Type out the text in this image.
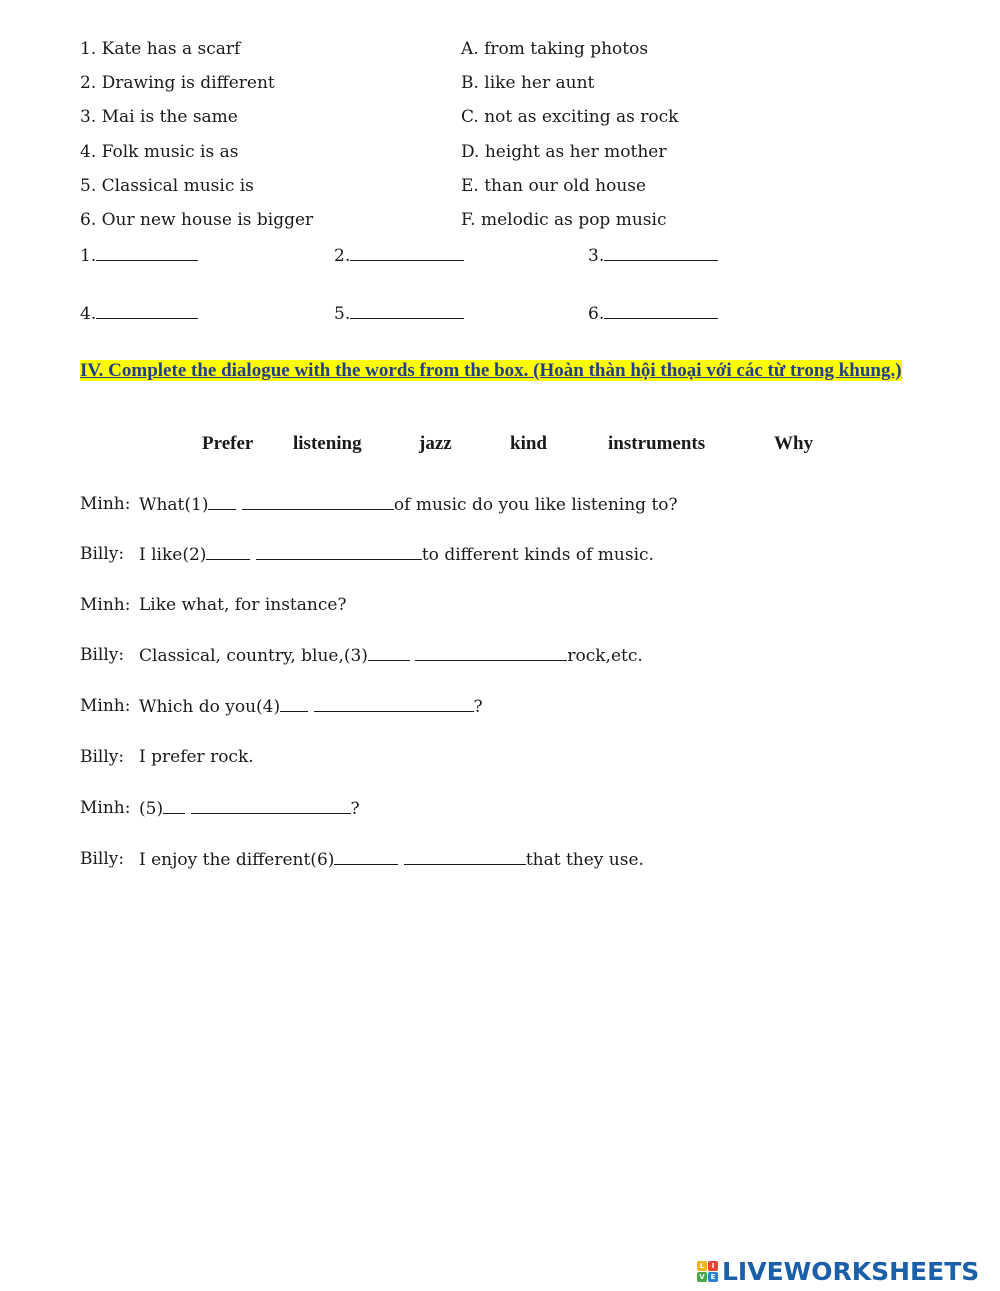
1. Kate has a scarf	A. from taking photos
2. Drawing is different	B. like her aunt
3. Mai is the same	C. not as exciting as rock
4. Folk music is as	D. height as her mother
5. Classical music is	E. than our old house
6. Our new house is bigger	F. melodic as pop music
1.	2.	3.
4.	5.	6.
IV. Complete the dialogue with the words from the box. (Hoàn thàn hội thoại với các từ trong khung.)
Prefer listening	jazz	kind	instruments	Why
Minh: What(1)	of music do you like listening to?
Billy: I like(2)	to different kinds of music.
Minh: Like what, for instance?
Billy: Classical, country, blue,(3)	rock,etc.
Minh: Which do you(4)	?
Billy: I prefer rock.
Minh: (5)	?
Billy: I enjoy the different(6)	that they use.
L	I
V E LIVEWORKSHEETS
